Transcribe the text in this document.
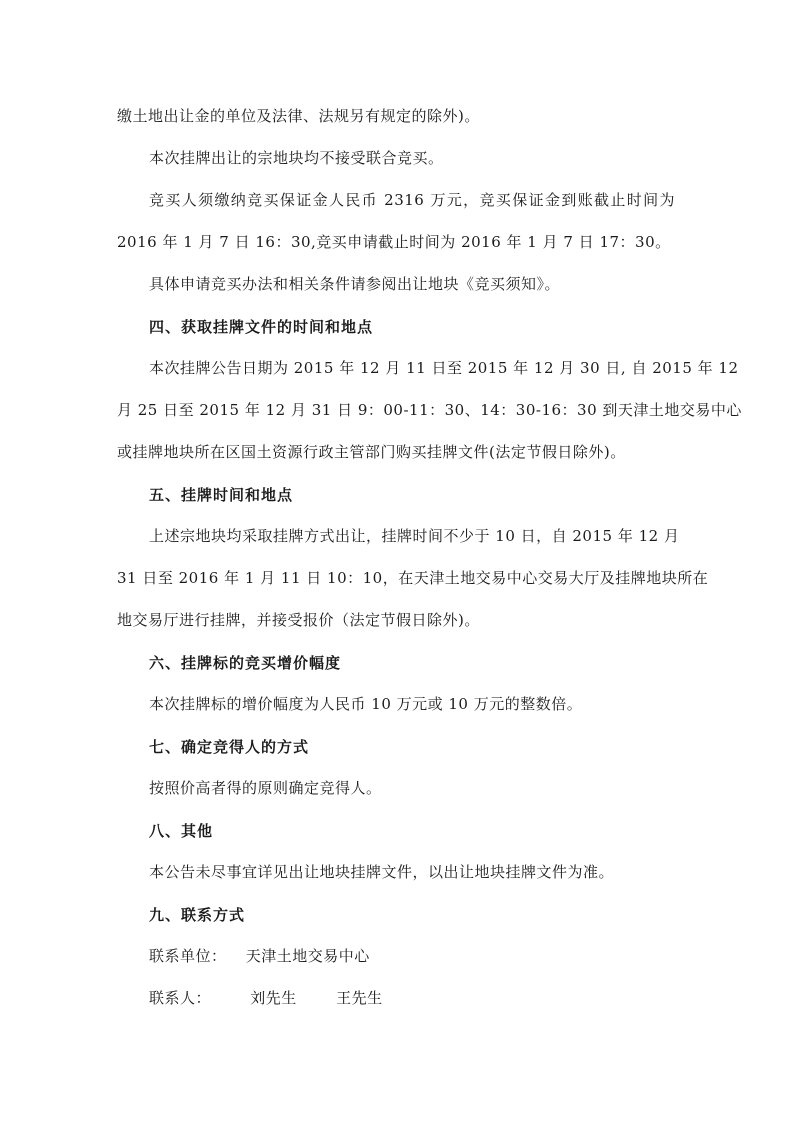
缴土地出让金的单位及法律、法规另有规定的除外)。
本次挂牌出让的宗地块均不接受联合竞买。
竞买人须缴纳竞买保证金人民币 2316 万元，竞买保证金到账截止时间为
2016 年 1 月 7 日 16：30,竞买申请截止时间为 2016 年 1 月 7 日 17：30。
具体申请竞买办法和相关条件请参阅出让地块《竞买须知》。
四、获取挂牌文件的时间和地点
本次挂牌公告日期为 2015 年 12 月 11 日至 2015 年 12 月 30 日, 自 2015 年 12
月 25 日至 2015 年 12 月 31 日 9：00-11：30、14：30-16：30 到天津土地交易中心
或挂牌地块所在区国土资源行政主管部门购买挂牌文件(法定节假日除外)。
五、挂牌时间和地点
上述宗地块均采取挂牌方式出让，挂牌时间不少于 10 日，自 2015 年 12 月
31 日至 2016 年 1 月 11 日 10：10，在天津土地交易中心交易大厅及挂牌地块所在
地交易厅进行挂牌，并接受报价（法定节假日除外)。
六、挂牌标的竞买增价幅度
本次挂牌标的增价幅度为人民币 10 万元或 10 万元的整数倍。
七、确定竞得人的方式
按照价高者得的原则确定竞得人。
八、其他
本公告未尽事宜详见出让地块挂牌文件，以出让地块挂牌文件为准。
九、联系方式
联系单位： 天津土地交易中心
联系人：	刘先生	王先生
